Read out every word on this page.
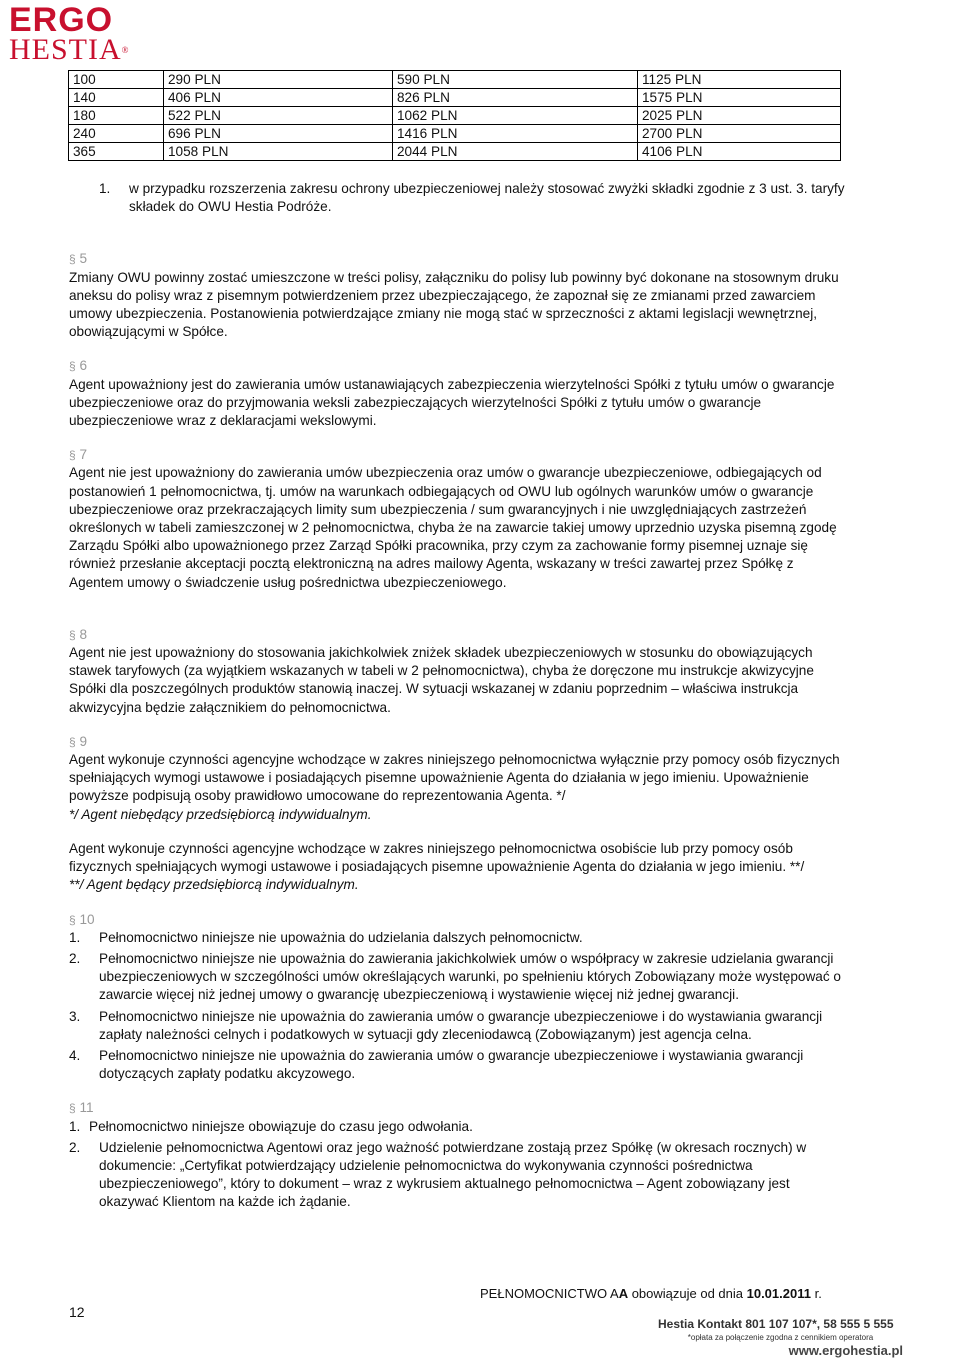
ERGO
HESTIA®
100	290 PLN	590 PLN	1125 PLN
140	406 PLN	826 PLN	1575 PLN
180	522 PLN	1062 PLN	2025 PLN
240	696 PLN	1416 PLN	2700 PLN
365	1058 PLN	2044 PLN	4106 PLN
1. w przypadku rozszerzenia zakresu ochrony ubezpieczeniowej należy stosować zwyżki składki zgodnie z 3 ust. 3. taryfy składek do OWU Hestia Podróże.

§ 5

Zmiany OWU powinny zostać umieszczone w treści polisy, załączniku do polisy lub powinny być dokonane na stosownym druku aneksu do polisy wraz z pisemnym potwierdzeniem przez ubezpieczającego, że zapoznał się ze zmianami przed zawarciem umowy ubezpieczenia. Postanowienia potwierdzające zmiany nie mogą stać w sprzeczności z aktami legislacji wewnętrznej, obowiązującymi w Spółce.

§ 6

Agent upoważniony jest do zawierania umów ustanawiających zabezpieczenia wierzytelności Spółki z tytułu umów o gwarancje ubezpieczeniowe oraz do przyjmowania weksli zabezpieczających wierzytelności Spółki z tytułu umów o gwarancje ubezpieczeniowe wraz z deklaracjami wekslowymi.

§ 7

Agent nie jest upoważniony do zawierania umów ubezpieczenia oraz umów o gwarancje ubezpieczeniowe, odbiegających od postanowień 1 pełnomocnictwa, tj. umów na warunkach odbiegających od OWU lub ogólnych warunków umów o gwarancje ubezpieczeniowe oraz przekraczających limity sum ubezpieczenia / sum gwarancyjnych i nie uwzględniających zastrzeżeń określonych w tabeli zamieszczonej w 2 pełnomocnictwa, chyba że na zawarcie takiej umowy uprzednio uzyska pisemną zgodę Zarządu Spółki albo upoważnionego przez Zarząd Spółki pracownika, przy czym za zachowanie formy pisemnej uznaje się również przesłanie akceptacji pocztą elektroniczną na adres mailowy Agenta, wskazany w treści zawartej przez Spółkę z Agentem umowy o świadczenie usług pośrednictwa ubezpieczeniowego.

§ 8

Agent nie jest upoważniony do stosowania jakichkolwiek zniżek składek ubezpieczeniowych w stosunku do obowiązujących stawek taryfowych (za wyjątkiem wskazanych w tabeli w 2 pełnomocnictwa), chyba że doręczone mu instrukcje akwizycyjne Spółki dla poszczególnych produktów stanowią inaczej. W sytuacji wskazanej w zdaniu poprzednim – właściwa instrukcja akwizycyjna będzie załącznikiem do pełnomocnictwa.

§ 9

Agent wykonuje czynności agencyjne wchodzące w zakres niniejszego pełnomocnictwa wyłącznie przy pomocy osób fizycznych spełniających wymogi ustawowe i posiadających pisemne upoważnienie Agenta do działania w jego imieniu. Upoważnienie powyższe podpisują osoby prawidłowo umocowane do reprezentowania Agenta. */

*/ Agent niebędący przedsiębiorcą indywidualnym.

Agent wykonuje czynności agencyjne wchodzące w zakres niniejszego pełnomocnictwa osobiście lub przy pomocy osób fizycznych spełniających wymogi ustawowe i posiadających pisemne upoważnienie Agenta do działania w jego imieniu. **/

**/ Agent będący przedsiębiorcą indywidualnym.

§ 10

1. Pełnomocnictwo niniejsze nie upoważnia do udzielania dalszych pełnomocnictw.
2. Pełnomocnictwo niniejsze nie upoważnia do zawierania jakichkolwiek umów o współpracy w zakresie udzielania gwarancji ubezpieczeniowych w szczególności umów określających warunki, po spełnieniu których Zobowiązany może występować o zawarcie więcej niż jednej umowy o gwarancję ubezpieczeniową i wystawienie więcej niż jednej gwarancji.
3. Pełnomocnictwo niniejsze nie upoważnia do zawierania umów o gwarancje ubezpieczeniowe i do wystawiania gwarancji zapłaty należności celnych i podatkowych w sytuacji gdy zleceniodawcą (Zobowiązanym) jest agencja celna.
4. Pełnomocnictwo niniejsze nie upoważnia do zawierania umów o gwarancje ubezpieczeniowe i wystawiania gwarancji dotyczących zapłaty podatku akcyzowego.

§ 11

1. Pełnomocnictwo niniejsze obowiązuje do czasu jego odwołania.
2. Udzielenie pełnomocnictwa Agentowi oraz jego ważność potwierdzane zostają przez Spółkę (w okresach rocznych) w dokumencie: „Certyfikat potwierdzający udzielenie pełnomocnictwa do wykonywania czynności pośrednictwa ubezpieczeniowego”, który to dokument – wraz z wykrusiem aktualnego pełnomocnictwa – Agent zobowiązany jest okazywać Klientom na każde ich żądanie.
12
PEŁNOMOCNICTWO AA obowiązuje od dnia 10.01.2011 r.
Hestia Kontakt 801 107 107*, 58 555 5 555
*opłata za połączenie zgodna z cennikiem operatora
www.ergohestia.pl
